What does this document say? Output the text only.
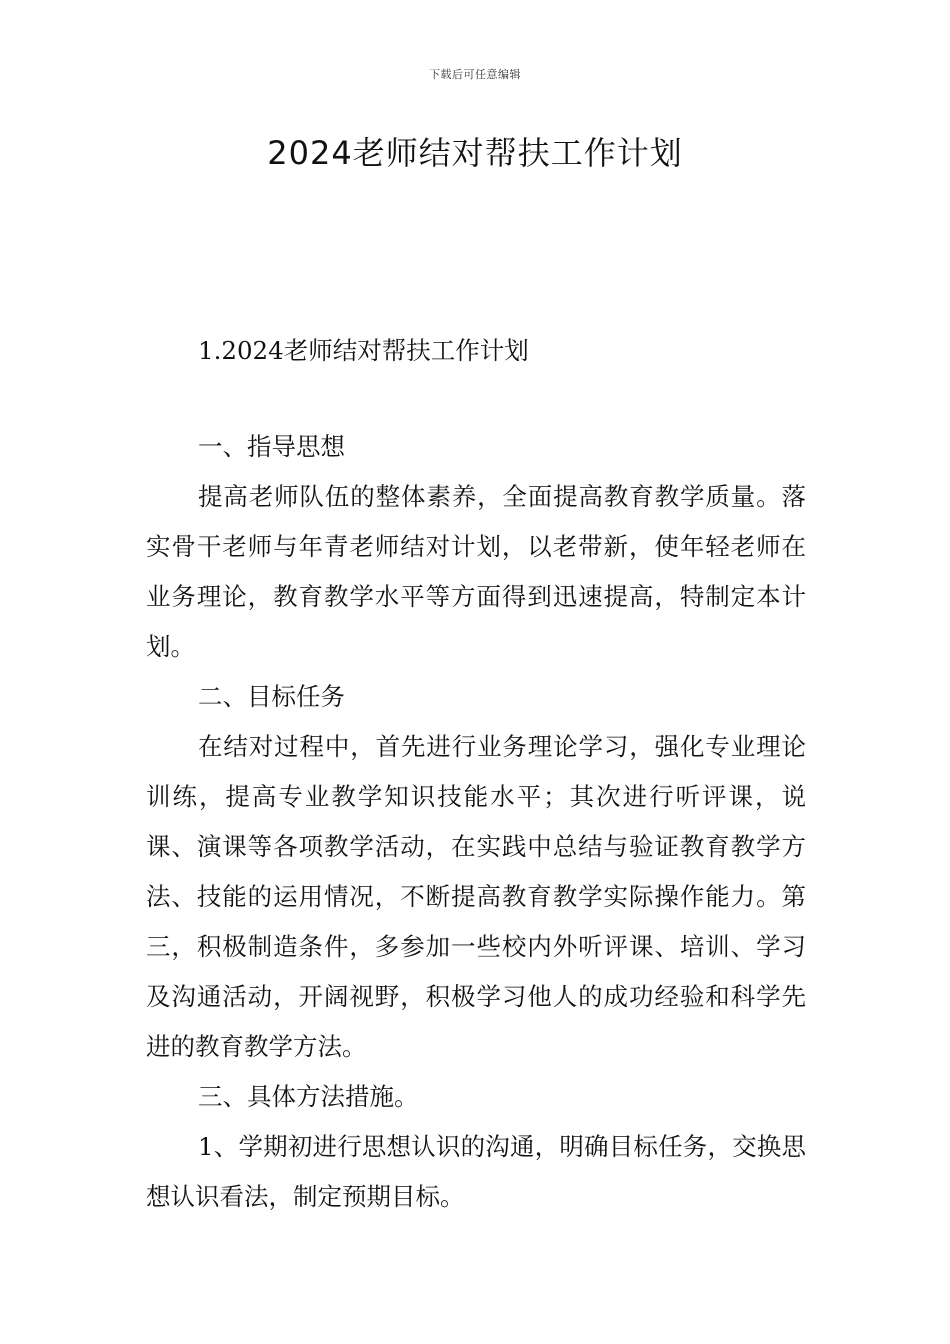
下载后可任意编辑
2024老师结对帮扶工作计划

1.2024老师结对帮扶工作计划

一、指导思想

提高老师队伍的整体素养，全面提高教育教学质量。落实骨干老师与年青老师结对计划，以老带新，使年轻老师在业务理论，教育教学水平等方面得到迅速提高，特制定本计划。

二、目标任务

在结对过程中，首先进行业务理论学习，强化专业理论训练，提高专业教学知识技能水平；其次进行听评课，说课、演课等各项教学活动，在实践中总结与验证教育教学方法、技能的运用情况，不断提高教育教学实际操作能力。第三，积极制造条件，多参加一些校内外听评课、培训、学习及沟通活动，开阔视野，积极学习他人的成功经验和科学先进的教育教学方法。

三、具体方法措施。

1、学期初进行思想认识的沟通，明确目标任务，交换思想认识看法，制定预期目标。
